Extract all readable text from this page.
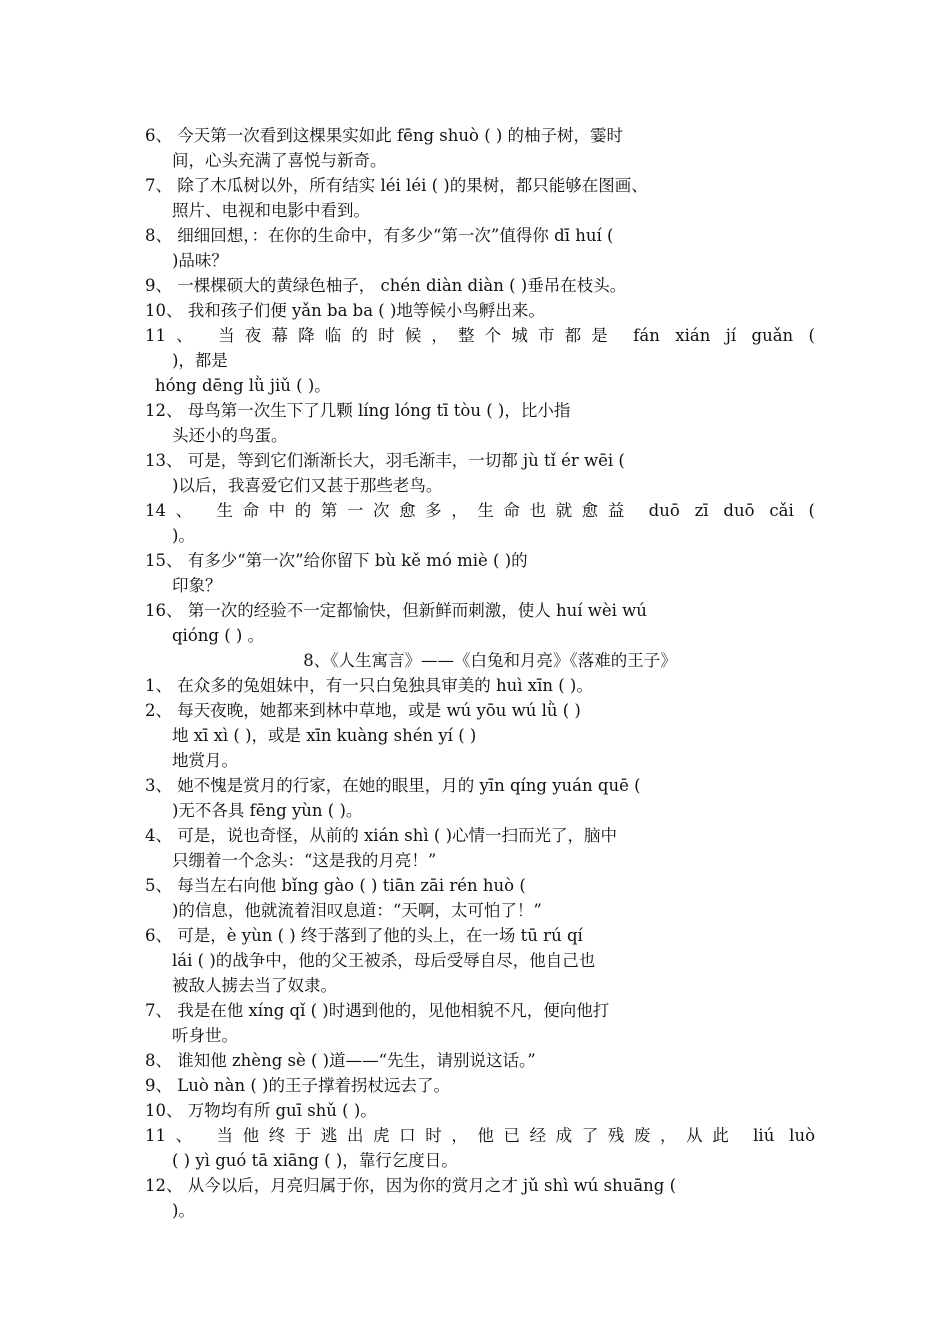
6、 今天第一次看到这棵果实如此 fēng shuò ( ) 的柚子树，霎时
间，心头充满了喜悦与新奇。
7、 除了木瓜树以外，所有结实 léi léi ( )的果树，都只能够在图画、
照片、电视和电影中看到。
8、 细细回想，：在你的生命中，有多少“第一次”值得你 dī huí (
)品味？
9、 一棵棵硕大的黄绿色柚子， chén diàn diàn ( )垂吊在枝头。
10、 我和孩子们便 yǎn ba ba ( )地等候小鸟孵出来。
11、 当夜幕降临的时候，整个城市都是 fán xián jí guǎn (
)，都是
hóng dēng lǜ jiǔ ( )。
12、 母鸟第一次生下了几颗 líng lóng tī tòu ( )，比小指
头还小的鸟蛋。
13、 可是，等到它们渐渐长大，羽毛渐丰，一切都 jù tǐ ér wēi (
)以后，我喜爱它们又甚于那些老鸟。
14、 生命中的第一次愈多，生命也就愈益 duō zī duō cǎi (
)。
15、 有多少“第一次”给你留下 bù kě mó miè ( )的
印象？
16、 第一次的经验不一定都愉快，但新鲜而刺激，使人 huí wèi wú
qióng ( ) 。
8、《人生寓言》——《白兔和月亮》《落难的王子》
1、 在众多的兔姐妹中，有一只白兔独具审美的 huì xīn ( )。
2、 每天夜晚，她都来到林中草地，或是 wú yōu wú lǜ ( )
地 xī xì ( )，或是 xīn kuàng shén yí ( )
地赏月。
3、 她不愧是赏月的行家，在她的眼里，月的 yīn qíng yuán quē (
)无不各具 fēng yùn ( )。
4、 可是，说也奇怪，从前的 xián shì ( )心情一扫而光了，脑中
只绷着一个念头：“这是我的月亮！”
5、 每当左右向他 bǐng gào ( ) tiān zāi rén huò (
)的信息，他就流着泪叹息道：“天啊，太可怕了！”
6、 可是，è yùn ( ) 终于落到了他的头上，在一场 tū rú qí
lái ( )的战争中，他的父王被杀，母后受辱自尽，他自己也
被敌人掳去当了奴隶。
7、 我是在他 xíng qǐ ( )时遇到他的，见他相貌不凡，便向他打
听身世。
8、 谁知他 zhèng sè ( )道——“先生，请别说这话。”
9、 Luò nàn ( )的王子撑着拐杖远去了。
10、 万物均有所 guī shǔ ( )。
11、 当他终于逃出虎口时，他已经成了残废，从此 liú luò
( ) yì guó tā xiāng ( )，靠行乞度日。
12、 从今以后，月亮归属于你，因为你的赏月之才 jǔ shì wú shuāng (
)。
